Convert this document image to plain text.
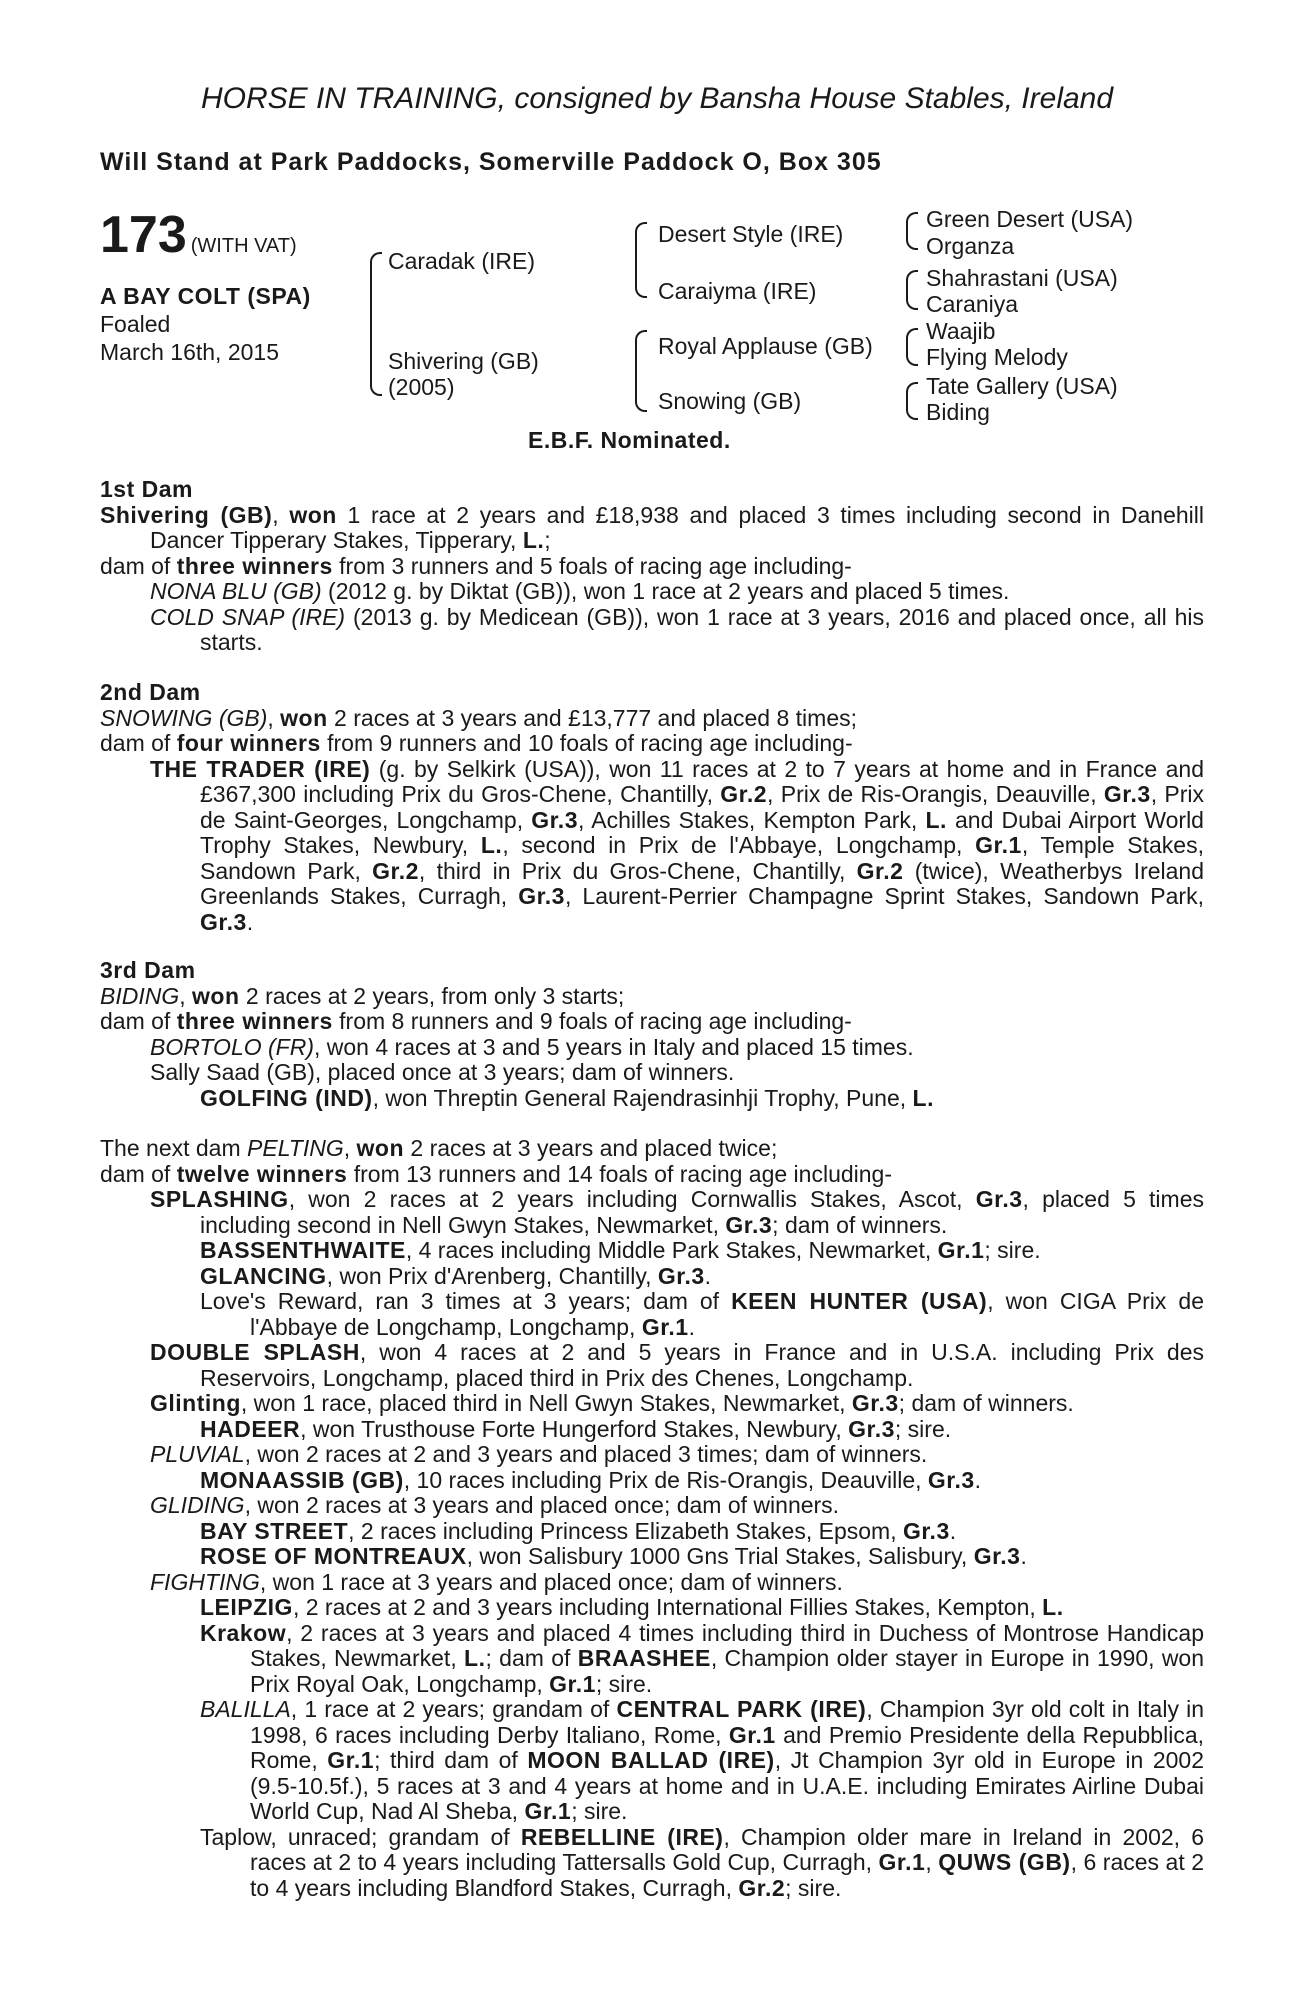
HORSE IN TRAINING, consigned by Bansha House Stables, Ireland
Will Stand at Park Paddocks, Somerville Paddock O, Box 305
173 (WITH VAT)
A BAY COLT (SPA)
Foaled
March 16th, 2015
Caradak (IRE)
Shivering (GB)
(2005)
Desert Style (IRE)
Caraiyma (IRE)
Royal Applause (GB)
Snowing (GB)
Green Desert (USA)
Organza
Shahrastani (USA)
Caraniya
Waajib
Flying Melody
Tate Gallery (USA)
Biding
E.B.F. Nominated.

1st Dam

Shivering (GB), won 1 race at 2 years and £18,938 and placed 3 times including second in Danehill Dancer Tipperary Stakes, Tipperary, L.;

dam of three winners from 3 runners and 5 foals of racing age including-

NONA BLU (GB) (2012 g. by Diktat (GB)), won 1 race at 2 years and placed 5 times.

COLD SNAP (IRE) (2013 g. by Medicean (GB)), won 1 race at 3 years, 2016 and placed once, all his starts.

2nd Dam

SNOWING (GB), won 2 races at 3 years and £13,777 and placed 8 times;

dam of four winners from 9 runners and 10 foals of racing age including-

THE TRADER (IRE) (g. by Selkirk (USA)), won 11 races at 2 to 7 years at home and in France and £367,300 including Prix du Gros-Chene, Chantilly, Gr.2, Prix de Ris-Orangis, Deauville, Gr.3, Prix de Saint-Georges, Longchamp, Gr.3, Achilles Stakes, Kempton Park, L. and Dubai Airport World Trophy Stakes, Newbury, L., second in Prix de l'Abbaye, Longchamp, Gr.1, Temple Stakes, Sandown Park, Gr.2, third in Prix du Gros-Chene, Chantilly, Gr.2 (twice), Weatherbys Ireland Greenlands Stakes, Curragh, Gr.3, Laurent-Perrier Champagne Sprint Stakes, Sandown Park, Gr.3.

3rd Dam

BIDING, won 2 races at 2 years, from only 3 starts;

dam of three winners from 8 runners and 9 foals of racing age including-

BORTOLO (FR), won 4 races at 3 and 5 years in Italy and placed 15 times.

Sally Saad (GB), placed once at 3 years; dam of winners.

GOLFING (IND), won Threptin General Rajendrasinhji Trophy, Pune, L.

The next dam PELTING, won 2 races at 3 years and placed twice;

dam of twelve winners from 13 runners and 14 foals of racing age including-

SPLASHING, won 2 races at 2 years including Cornwallis Stakes, Ascot, Gr.3, placed 5 times including second in Nell Gwyn Stakes, Newmarket, Gr.3; dam of winners.

BASSENTHWAITE, 4 races including Middle Park Stakes, Newmarket, Gr.1; sire.

GLANCING, won Prix d'Arenberg, Chantilly, Gr.3.

Love's Reward, ran 3 times at 3 years; dam of KEEN HUNTER (USA), won CIGA Prix de l'Abbaye de Longchamp, Longchamp, Gr.1.

DOUBLE SPLASH, won 4 races at 2 and 5 years in France and in U.S.A. including Prix des Reservoirs, Longchamp, placed third in Prix des Chenes, Longchamp.

Glinting, won 1 race, placed third in Nell Gwyn Stakes, Newmarket, Gr.3; dam of winners.

HADEER, won Trusthouse Forte Hungerford Stakes, Newbury, Gr.3; sire.

PLUVIAL, won 2 races at 2 and 3 years and placed 3 times; dam of winners.

MONAASSIB (GB), 10 races including Prix de Ris-Orangis, Deauville, Gr.3.

GLIDING, won 2 races at 3 years and placed once; dam of winners.

BAY STREET, 2 races including Princess Elizabeth Stakes, Epsom, Gr.3.

ROSE OF MONTREAUX, won Salisbury 1000 Gns Trial Stakes, Salisbury, Gr.3.

FIGHTING, won 1 race at 3 years and placed once; dam of winners.

LEIPZIG, 2 races at 2 and 3 years including International Fillies Stakes, Kempton, L.

Krakow, 2 races at 3 years and placed 4 times including third in Duchess of Montrose Handicap Stakes, Newmarket, L.; dam of BRAASHEE, Champion older stayer in Europe in 1990, won Prix Royal Oak, Longchamp, Gr.1; sire.

BALILLA, 1 race at 2 years; grandam of CENTRAL PARK (IRE), Champion 3yr old colt in Italy in 1998, 6 races including Derby Italiano, Rome, Gr.1 and Premio Presidente della Repubblica, Rome, Gr.1; third dam of MOON BALLAD (IRE), Jt Champion 3yr old in Europe in 2002 (9.5-10.5f.), 5 races at 3 and 4 years at home and in U.A.E. including Emirates Airline Dubai World Cup, Nad Al Sheba, Gr.1; sire.

Taplow, unraced; grandam of REBELLINE (IRE), Champion older mare in Ireland in 2002, 6 races at 2 to 4 years including Tattersalls Gold Cup, Curragh, Gr.1, QUWS (GB), 6 races at 2 to 4 years including Blandford Stakes, Curragh, Gr.2; sire.
